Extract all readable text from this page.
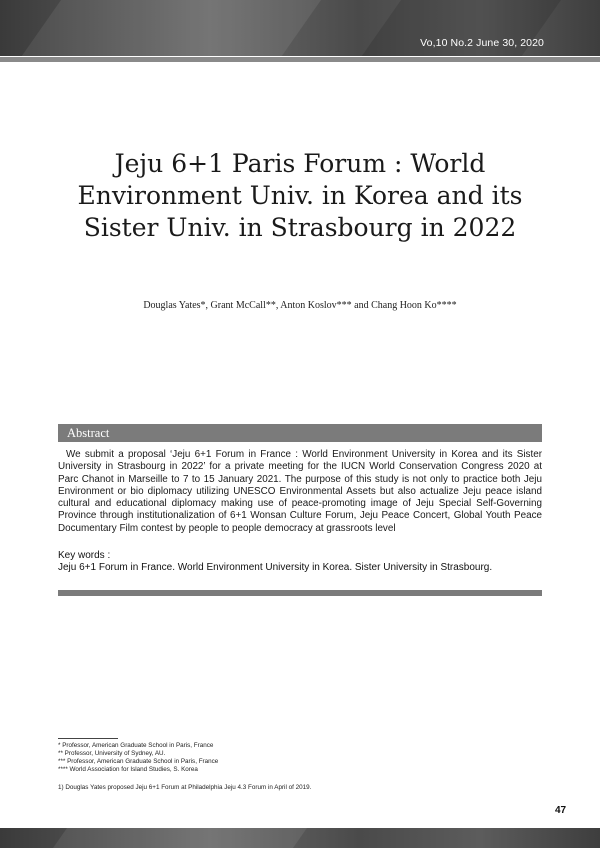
Vo,10 No.2 June 30, 2020
Jeju 6+1 Paris Forum : World
Environment Univ. in Korea and its
Sister Univ. in Strasbourg in 2022
Douglas Yates*, Grant McCall**, Anton Koslov*** and Chang Hoon Ko****
Abstract

We submit a proposal ‘Jeju 6+1 Forum in France : World Environment University in Korea and its Sister University in Strasbourg in 2022’ for a private meeting for the IUCN World Conservation Congress 2020 at Parc Chanot in Marseille to 7 to 15 January 2021. The purpose of this study is not only to practice both Jeju Environment or bio diplomacy utilizing UNESCO Environmental Assets but also actualize Jeju peace island cultural and educational diplomacy making use of peace-promoting image of Jeju Special Self-Governing Province through institutionalization of 6+1 Wonsan Culture Forum, Jeju Peace Concert, Global Youth Peace Documentary Film contest by people to people democracy at grassroots level

Key words :
Jeju 6+1 Forum in France. World Environment University in Korea. Sister University in Strasbourg.
* Professor, American Graduate School in Paris, France
** Professor, University of Sydney, AU.
*** Professor, American Graduate School in Paris, France
**** World Association for Island Studies, S. Korea
1) Douglas Yates proposed Jeju 6+1 Forum at Philadelphia Jeju 4.3 Forum in April of 2019.
47
